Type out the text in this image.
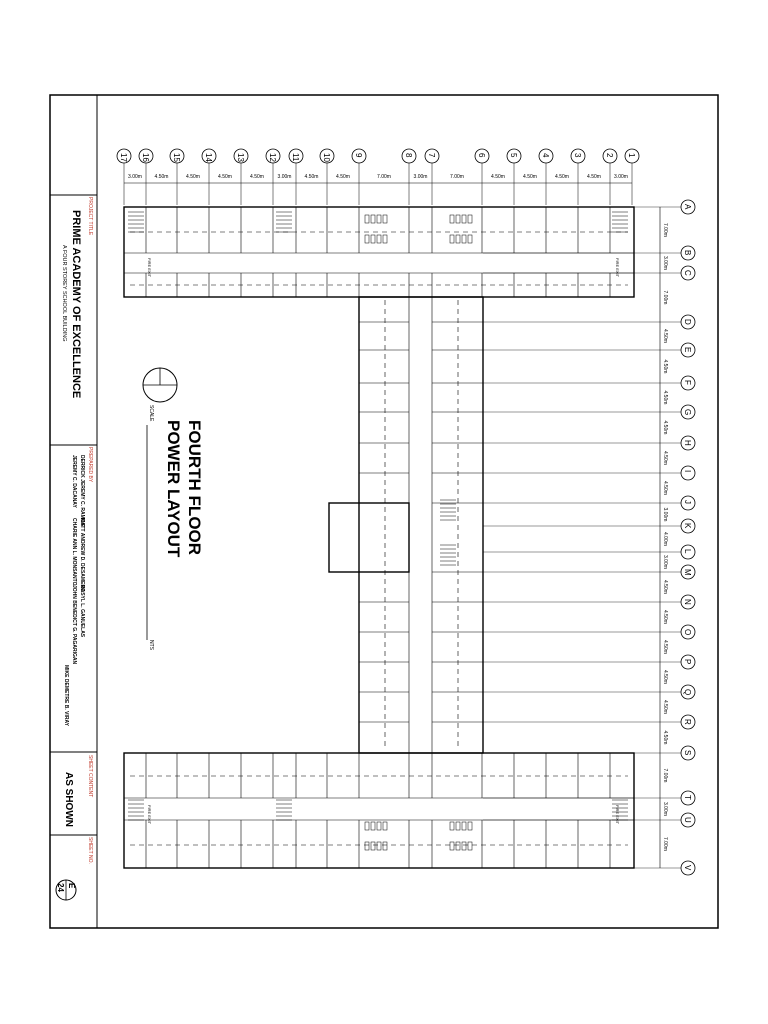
PROJECT TITLE
PRIME ACADEMY OF EXCELLENCE
A FOUR STOREY SCHOOL BUILDING
PREPARED BY
DERRICK JEREMY C. RAMOS
JEREMY C. DACANAY
MATT ANDREW D. DESAMERO
CHARIE ANN L. MONSANTO
BASYL L. GANUELAS
JOHN BENEDICT G. PAGARIGAN
MIKE DEMETRE B. VIRAY
SHEET CONTENT
AS SHOWN
SHEET NO.
E
24
FOURTH FLOOR
POWER LAYOUT
SCALE
NTS
1
2
3
4
5
6
7
8
9
10
11
12
13
14
15
16
17
3.00m
4.50m
4.50m
4.50m
4.50m
7.00m
3.00m
7.00m
4.50m
4.50m
3.00m
4.50m
4.50m
4.50m
4.50m
3.00m
A
B
C
D
E
F
G
H
I
J
K
L
M
N
O
P
Q
R
S
T
U
V
7.00m
3.00m
7.00m
4.50m
4.50m
4.50m
4.50m
4.50m
4.50m
3.00m
4.00m
3.00m
4.50m
4.50m
4.50m
4.50m
4.50m
4.50m
7.00m
3.00m
7.00m
FIRE EXIT
FIRE EXIT
FIRE EXIT
FIRE EXIT
